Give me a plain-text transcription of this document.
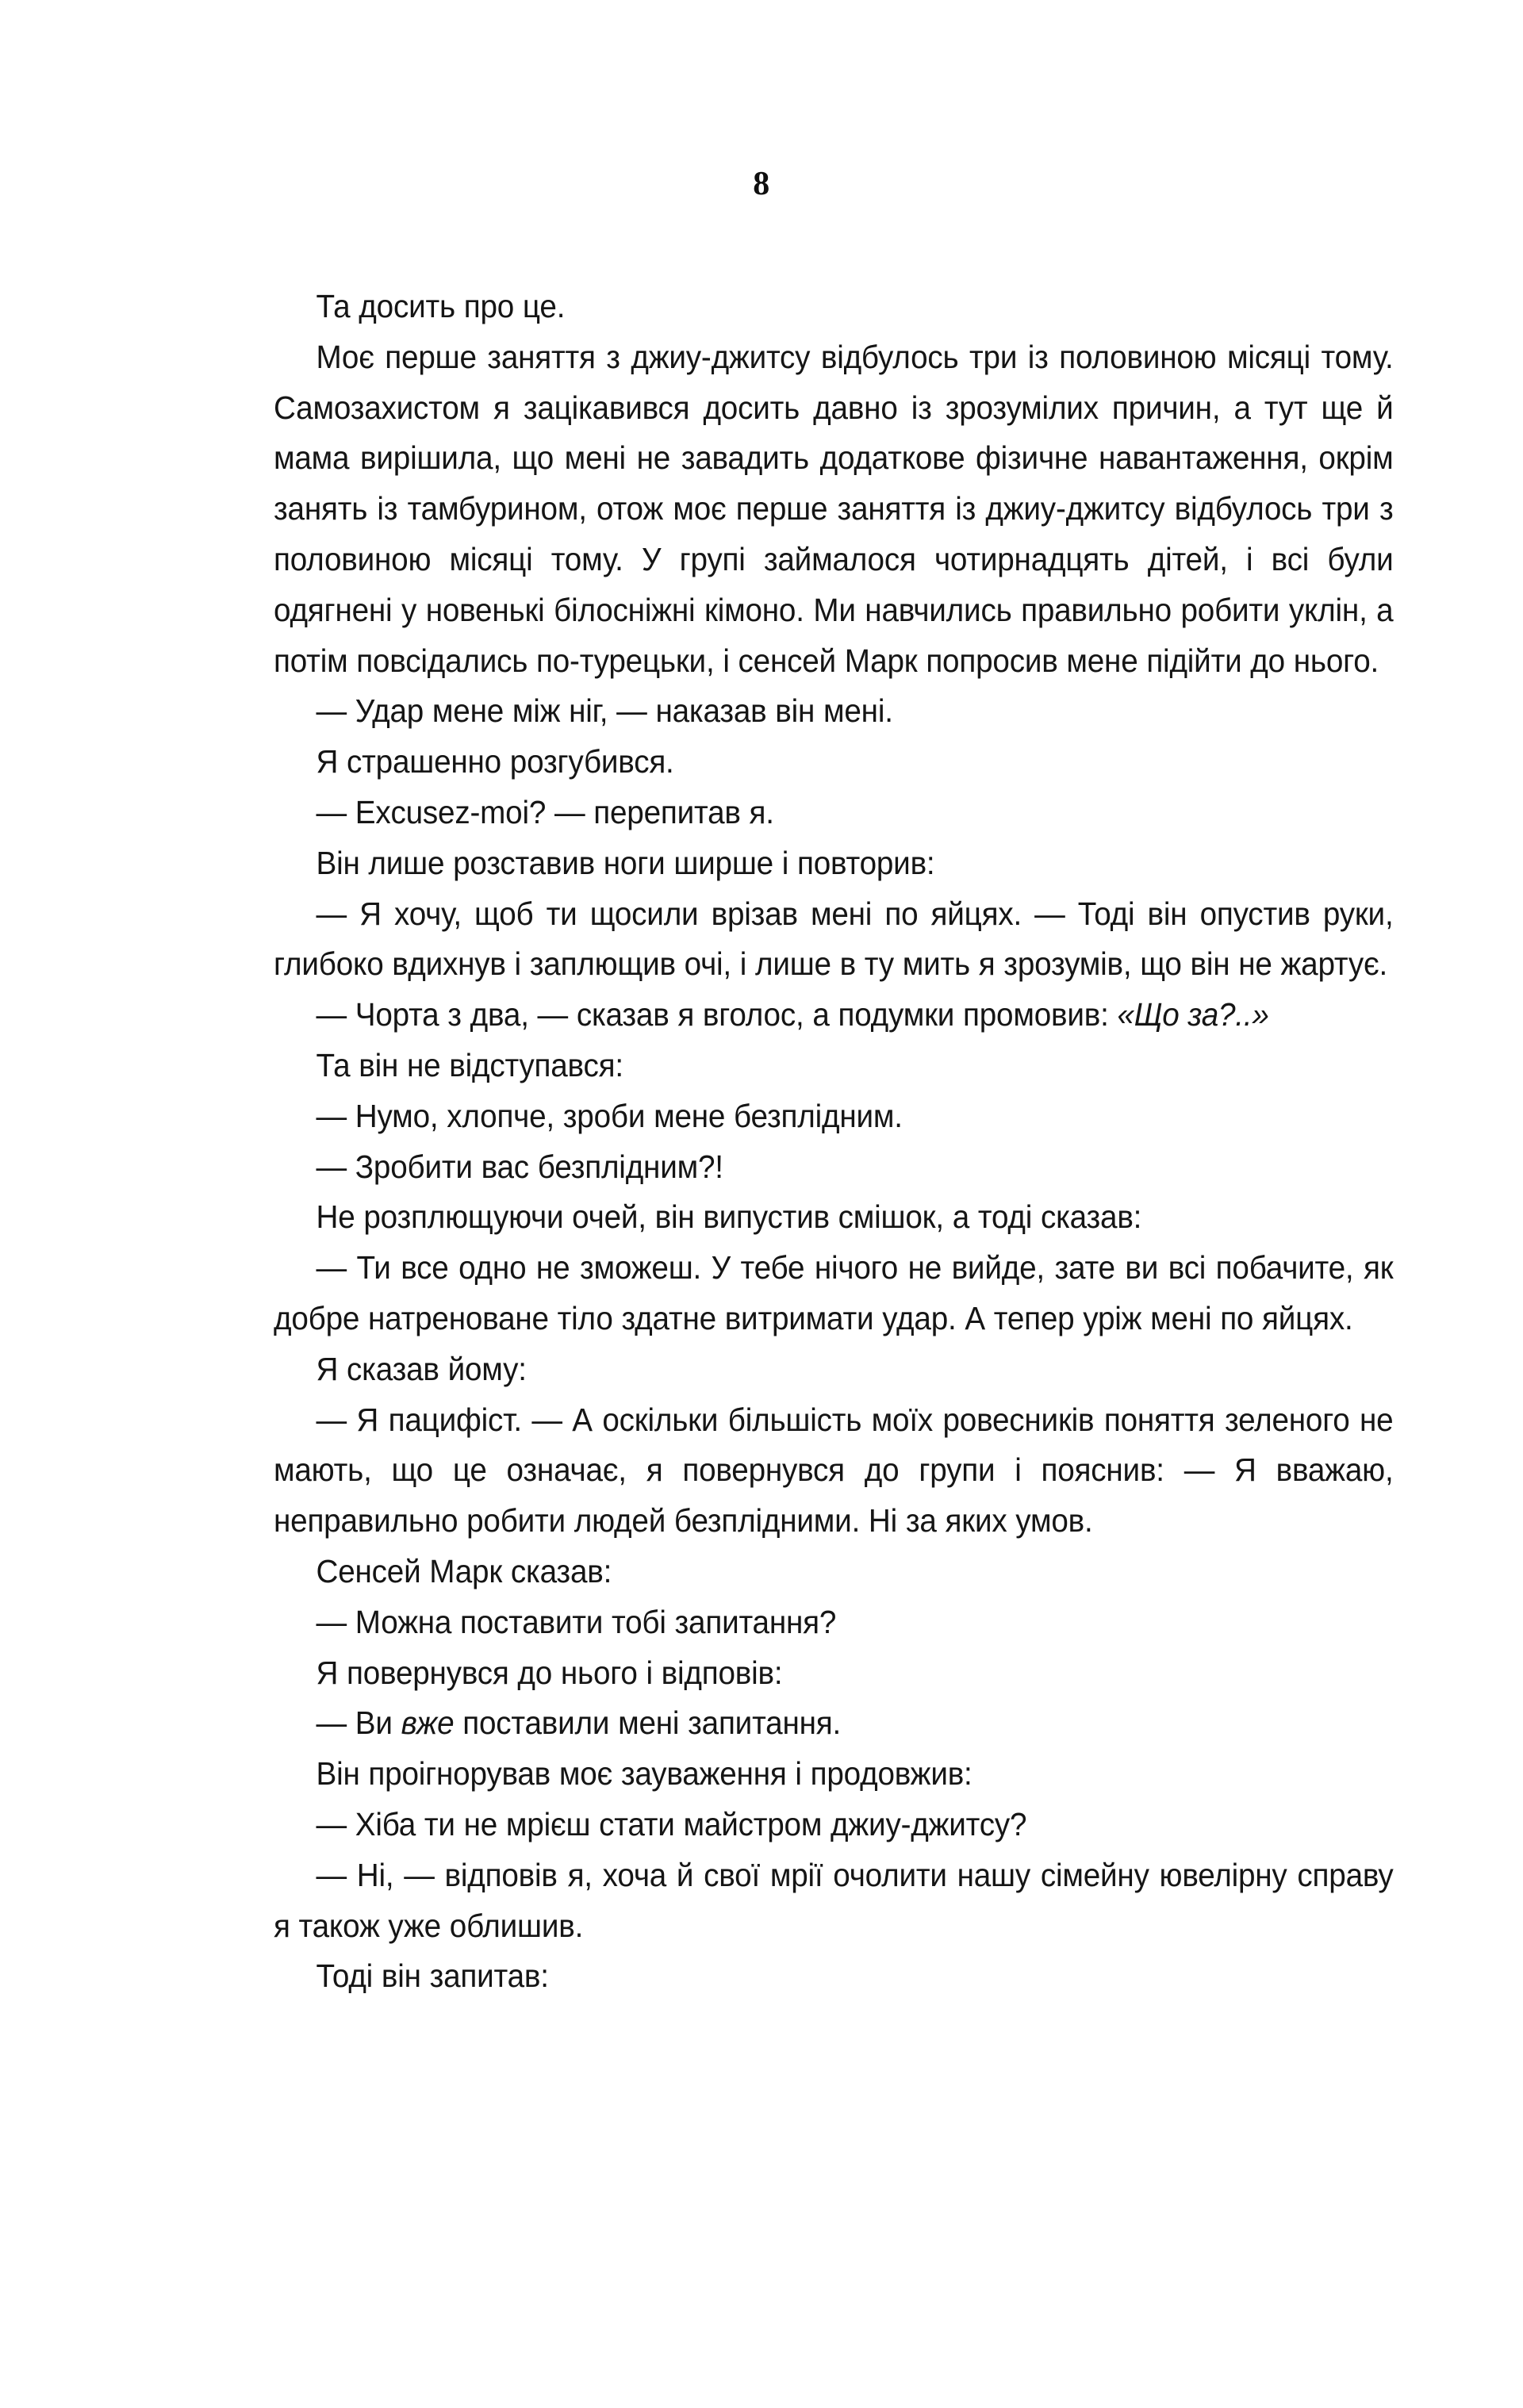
8

Та досить про це.

Моє перше заняття з джиу-джитсу відбулось три із половиною місяці тому. Самозахистом я зацікавився досить давно із зрозумілих причин, а тут ще й мама вирішила, що мені не завадить додаткове фізичне навантаження, окрім занять із тамбурином, отож моє перше заняття із джиу-джитсу відбулось три з половиною місяці тому. У групі займалося чотирнадцять дітей, і всі були одягнені у новенькі білосніжні кімоно. Ми навчились правильно робити уклін, а потім повсідались по-турецьки, і сенсей Марк попросив мене підійти до нього.

— Удар мене між ніг, — наказав він мені.

Я страшенно розгубився.

— Excusez-moi? — перепитав я.

Він лише розставив ноги ширше і повторив:

— Я хочу, щоб ти щосили врізав мені по яйцях. — Тоді він опустив руки, глибоко вдихнув і заплющив очі, і лише в ту мить я зрозумів, що він не жартує.

— Чорта з два, — сказав я вголос, а подумки промовив: «Що за?..»

Та він не відступався:

— Нумо, хлопче, зроби мене безплідним.

— Зробити вас безплідним?!

Не розплющуючи очей, він випустив смішок, а тоді сказав:

— Ти все одно не зможеш. У тебе нічого не вийде, зате ви всі побачите, як добре натреноване тіло здатне витримати удар. А тепер уріж мені по яйцях.

Я сказав йому:

— Я пацифіст. — А оскільки більшість моїх ровесників поняття зеленого не мають, що це означає, я повернувся до групи і пояснив: — Я вважаю, неправильно робити людей безплідними. Ні за яких умов.

Сенсей Марк сказав:

— Можна поставити тобі запитання?

Я повернувся до нього і відповів:

— Ви вже поставили мені запитання.

Він проігнорував моє зауваження і продовжив:

— Хіба ти не мрієш стати майстром джиу-джитсу?

— Ні, — відповів я, хоча й свої мрії очолити нашу сімейну ювелірну справу я також уже облишив.

Тоді він запитав:
